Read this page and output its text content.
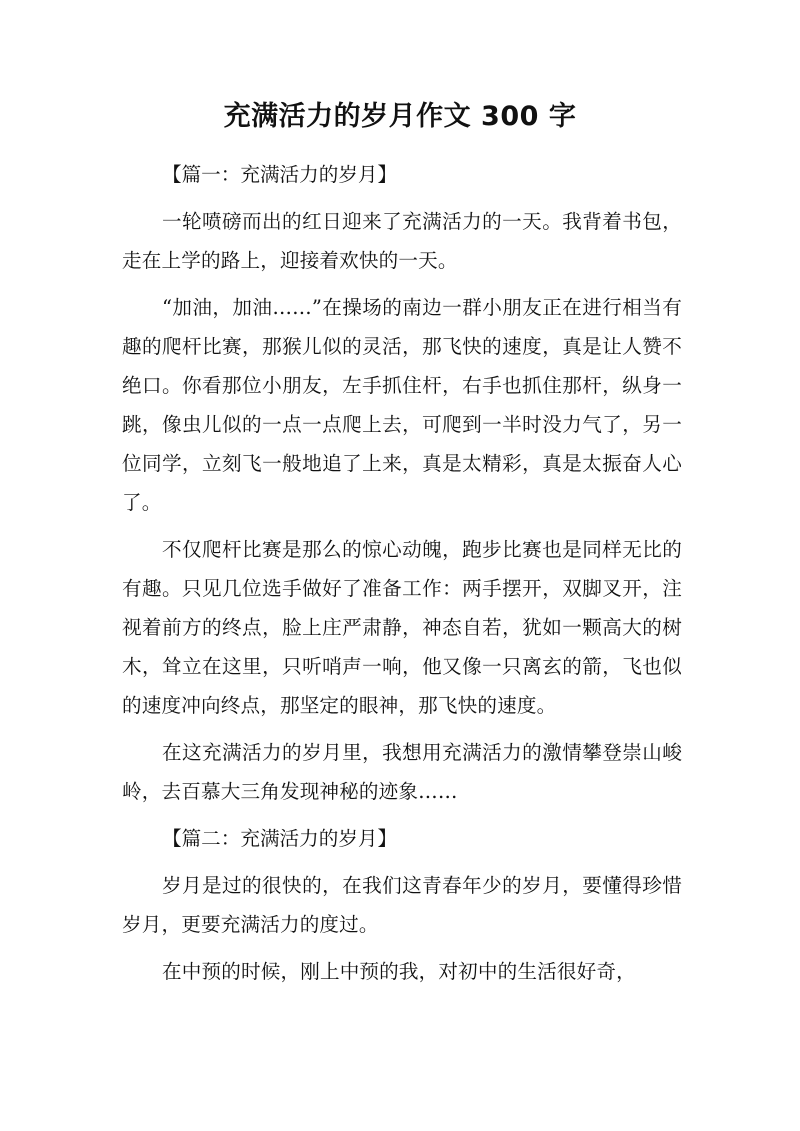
充满活力的岁月作文 300 字
【篇一：充满活力的岁月】

一轮喷磅而出的红日迎来了充满活力的一天。我背着书包，走在上学的路上，迎接着欢快的一天。

“加油，加油……”在操场的南边一群小朋友正在进行相当有趣的爬杆比赛，那猴儿似的灵活，那飞快的速度，真是让人赞不绝口。你看那位小朋友，左手抓住杆，右手也抓住那杆，纵身一跳，像虫儿似的一点一点爬上去，可爬到一半时没力气了，另一位同学，立刻飞一般地追了上来，真是太精彩，真是太振奋人心了。

不仅爬杆比赛是那么的惊心动魄，跑步比赛也是同样无比的有趣。只见几位选手做好了准备工作：两手摆开，双脚叉开，注视着前方的终点，脸上庄严肃静，神态自若，犹如一颗高大的树木，耸立在这里，只听哨声一响，他又像一只离玄的箭，飞也似的速度冲向终点，那坚定的眼神，那飞快的速度。

在这充满活力的岁月里，我想用充满活力的激情攀登崇山峻岭，去百慕大三角发现神秘的迹象……

【篇二：充满活力的岁月】

岁月是过的很快的，在我们这青春年少的岁月，要懂得珍惜岁月，更要充满活力的度过。

在中预的时候，刚上中预的我，对初中的生活很好奇，
